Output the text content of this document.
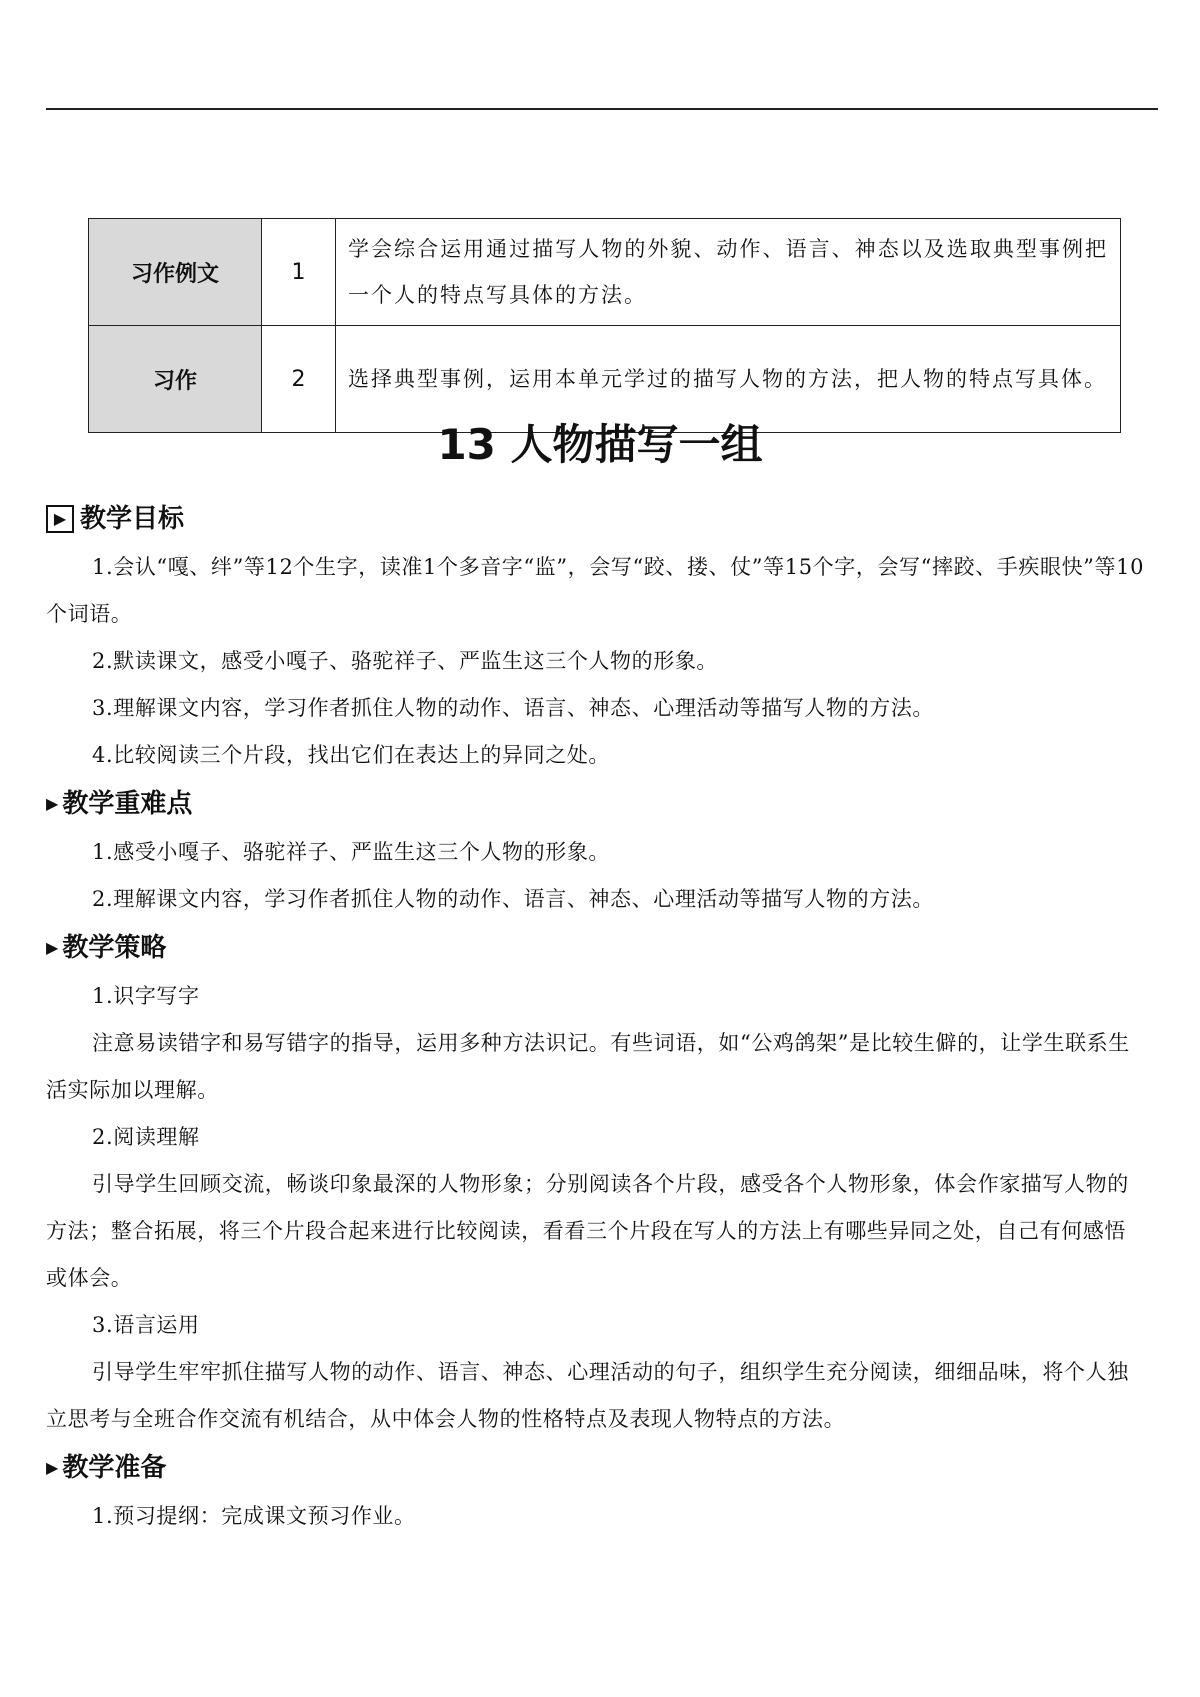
习作例文	1	学会综合运用通过描写人物的外貌、动作、语言、神态以及选取典型事例把一个人的特点写具体的方法。
习作	2	选择典型事例，运用本单元学过的描写人物的方法，把人物的特点写具体。
13 人物描写一组
▶ 教学目标
1.会认“嘎、绊”等12个生字，读准1个多音字“监”，会写“跤、搂、仗”等15个字，会写“摔跤、手疾眼快”等10个词语。
2.默读课文，感受小嘎子、骆驼祥子、严监生这三个人物的形象。
3.理解课文内容，学习作者抓住人物的动作、语言、神态、心理活动等描写人物的方法。
4.比较阅读三个片段，找出它们在表达上的异同之处。
▶ 教学重难点
1.感受小嘎子、骆驼祥子、严监生这三个人物的形象。
2.理解课文内容，学习作者抓住人物的动作、语言、神态、心理活动等描写人物的方法。
▶ 教学策略
1.识字写字
注意易读错字和易写错字的指导，运用多种方法识记。有些词语，如“公鸡鸽架”是比较生僻的，让学生联系生活实际加以理解。
2.阅读理解
引导学生回顾交流，畅谈印象最深的人物形象；分别阅读各个片段，感受各个人物形象，体会作家描写人物的方法；整合拓展，将三个片段合起来进行比较阅读，看看三个片段在写人的方法上有哪些异同之处，自己有何感悟或体会。
3.语言运用
引导学生牢牢抓住描写人物的动作、语言、神态、心理活动的句子，组织学生充分阅读，细细品味，将个人独立思考与全班合作交流有机结合，从中体会人物的性格特点及表现人物特点的方法。
▶ 教学准备
1.预习提纲：完成课文预习作业。
